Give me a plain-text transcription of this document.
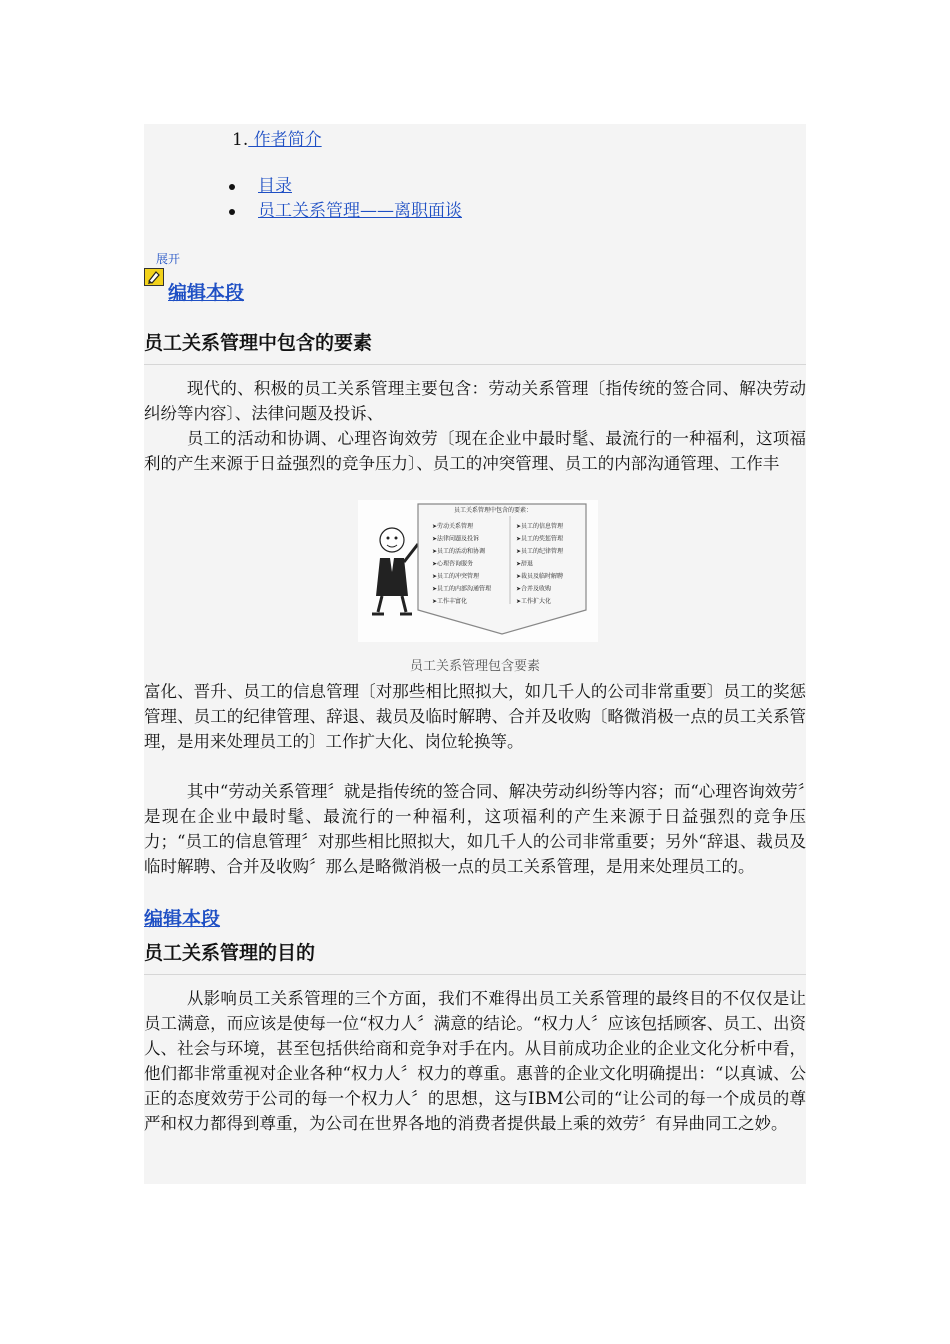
1. 作者简介
目录
员工关系管理——离职面谈
展开
编辑本段
员工关系管理中包含的要素

现代的、积极的员工关系管理主要包含：劳动关系管理〔指传统的签合同、解决劳动纠纷等内容〕、法律问题及投诉、

员工的活动和协调、心理咨询效劳〔现在企业中最时髦、最流行的一种福利，这项福利的产生来源于日益强烈的竞争压力〕、员工的冲突管理、员工的内部沟通管理、工作丰

员工关系管理中包含的要素：
➤劳动关系管理
➤法律问题及投诉
➤员工的活动和协调
➤心理咨询服务
➤员工的冲突管理
➤员工的内部沟通管理
➤工作丰富化
➤员工的信息管理
➤员工的奖惩管理
➤员工的纪律管理
➤辞退
➤裁员及临时解聘
➤合并及收购
➤工作扩大化
员工关系管理包含要素

富化、晋升、员工的信息管理〔对那些相比照拟大，如几千人的公司非常重要〕员工的奖惩管理、员工的纪律管理、辞退、裁员及临时解聘、合并及收购〔略微消极一点的员工关系管理，是用来处理员工的〕工作扩大化、岗位轮换等。

其中“劳动关系管理〞就是指传统的签合同、解决劳动纠纷等内容；而“心理咨询效劳〞是现在企业中最时髦、最流行的一种福利，这项福利的产生来源于日益强烈的竞争压力；“员工的信息管理〞对那些相比照拟大，如几千人的公司非常重要；另外“辞退、裁员及临时解聘、合并及收购〞那么是略微消极一点的员工关系管理，是用来处理员工的。

编辑本段
员工关系管理的目的

从影响员工关系管理的三个方面，我们不难得出员工关系管理的最终目的不仅仅是让员工满意，而应该是使每一位“权力人〞满意的结论。“权力人〞应该包括顾客、员工、出资人、社会与环境，甚至包括供给商和竞争对手在内。从目前成功企业的企业文化分析中看，他们都非常重视对企业各种“权力人〞权力的尊重。惠普的企业文化明确提出：“以真诚、公正的态度效劳于公司的每一个权力人〞的思想，这与IBM公司的“让公司的每一个成员的尊严和权力都得到尊重，为公司在世界各地的消费者提供最上乘的效劳〞有异曲同工之妙。
